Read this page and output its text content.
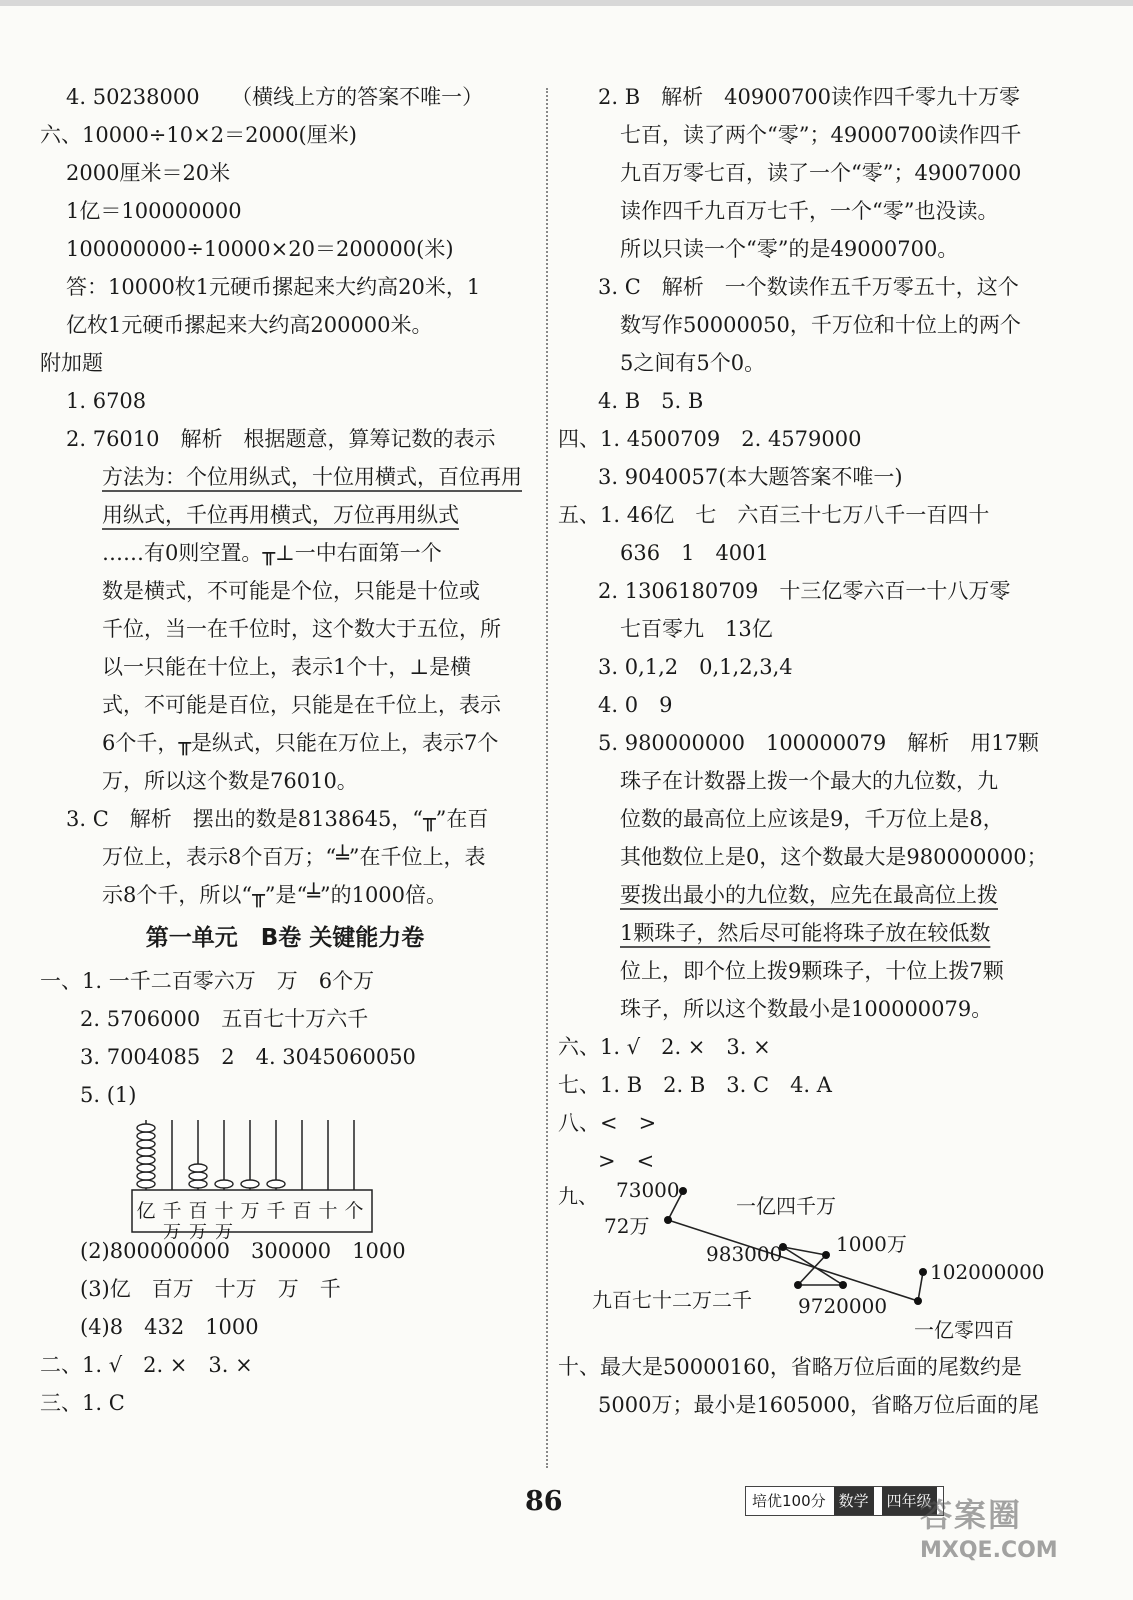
4. 50238000　　（横线上方的答案不唯一）
六、10000÷10×2＝2000(厘米)
2000厘米＝20米
1亿＝100000000
100000000÷10000×20＝200000(米)
答：10000枚1元硬币摞起来大约高20米，1
亿枚1元硬币摞起来大约高200000米。
附加题
1. 6708
2. 76010　解析　根据题意，算筹记数的表示
方法为：个位用纵式，十位用横式，百位再用
用纵式，千位再用横式，万位再用纵式
……有0则空置。╥⊥一中右面第一个
数是横式，不可能是个位，只能是十位或
千位，当一在千位时，这个数大于五位，所
以一只能在十位上，表示1个十，⊥是横
式，不可能是百位，只能是在千位上，表示
6个千，╥是纵式，只能在万位上，表示7个
万，所以这个数是76010。
3. C　解析　摆出的数是8138645，“╥”在百
万位上，表示8个百万；“╧”在千位上，表
示8个千，所以“╥”是“╧”的1000倍。
第一单元　B卷 关键能力卷
一、1. 一千二百零六万　万　6个万
2. 5706000　五百七十万六千
3. 7004085　2　4. 3045060050
5. (1)
亿 千 百 十 万 千 百 十 个
万 万 万
(2)800000000　300000　1000
(3)亿　百万　十万　万　千
(4)8　432　1000
二、1. √　2. ×　3. ×
三、1. C
2. B　解析　40900700读作四千零九十万零
七百，读了两个“零”；49000700读作四千
九百万零七百，读了一个“零”；49007000
读作四千九百万七千，一个“零”也没读。
所以只读一个“零”的是49000700。
3. C　解析　一个数读作五千万零五十，这个
数写作50000050，千万位和十位上的两个
5之间有5个0。
4. B　5. B
四、1. 4500709　2. 4579000
3. 9040057(本大题答案不唯一)
五、1. 46亿　七　六百三十七万八千一百四十
636　1　4001
2. 1306180709　十三亿零六百一十八万零
七百零九　13亿
3. 0,1,2　0,1,2,3,4
4. 0　9
5. 980000000　100000079　解析　用17颗
珠子在计数器上拨一个最大的九位数，九
位数的最高位上应该是9，千万位上是8，
其他数位上是0，这个数最大是980000000；
要拨出最小的九位数，应先在最高位上拨
1颗珠子，然后尽可能将珠子放在较低数
位上，即个位上拨9颗珠子，十位上拨7颗
珠子，所以这个数最小是100000079。
六、1. √　2. ×　3. ×
七、1. B　2. B　3. C　4. A
八、<　>
>　<
九、 73000
72万
一亿四千万
1000万
983000
102000000
九百七十二万二千 9720000
一亿零四百
十、最大是50000160，省略万位后面的尾数约是
5000万；最小是1605000，省略万位后面的尾
86	培优100分 数学	四年级
答案圈
MXQE.COM
